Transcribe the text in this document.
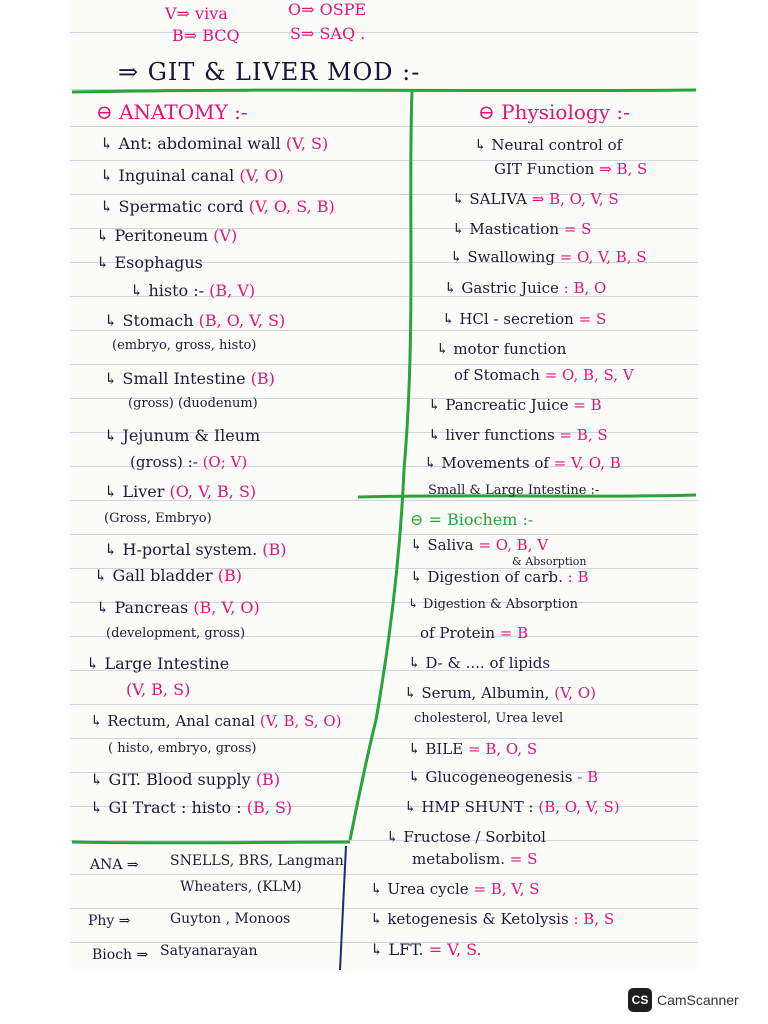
V⇒ viva
B⇒ BCQ
O⇒ OSPE
S⇒ SAQ .
⇒ GIT & LIVER MOD :-
⊖ ANATOMY :-
↳ Ant: abdominal wall (V, S)
↳ Inguinal canal (V, O)
↳ Spermatic cord (V, O, S, B)
↳ Peritoneum (V)
↳ Esophagus
↳ histo :- (B, V)
↳ Stomach (B, O, V, S)
(embryo, gross, histo)
↳ Small Intestine (B)
(gross) (duodenum)
↳ Jejunum & Ileum
(gross) :- (O; V)
↳ Liver (O, V, B, S)
(Gross, Embryo)
↳ H-portal system. (B)
↳ Gall bladder (B)
↳ Pancreas (B, V, O)
(development, gross)
↳ Large Intestine
(V, B, S)
↳ Rectum, Anal canal (V, B, S, O)
( histo, embryo, gross)
↳ GIT. Blood supply (B)
↳ GI Tract : histo : (B, S)
⊖ Physiology :-
↳ Neural control of
GIT Function ⇒ B, S
↳ SALIVA ⇒ B, O, V, S
↳ Mastication = S
↳ Swallowing = O, V, B, S
↳ Gastric Juice : B, O
↳ HCl - secretion = S
↳ motor function
of Stomach = O, B, S, V
↳ Pancreatic Juice = B
↳ liver functions = B, S
↳ Movements of = V, O, B
Small & Large Intestine :-
⊖ = Biochem :-
↳ Saliva = O, B, V
& Absorption
↳ Digestion of carb. : B
↳ Digestion & Absorption
of Protein = B
↳ D- & .... of lipids
↳ Serum, Albumin, (V, O)
cholesterol, Urea level
↳ BILE = B, O, S
↳ Glucogeneogenesis - B
↳ HMP SHUNT : (B, O, V, S)
↳ Fructose / Sorbitol
metabolism. = S
↳ Urea cycle = B, V, S
↳ ketogenesis & Ketolysis : B, S
↳ LFT. = V, S.
ANA ⇒ SNELLS, BRS, Langman
Wheaters, (KLM)
Phy ⇒	Guyton , Monoos
Bioch ⇒ Satyanarayan
CS CamScanner
